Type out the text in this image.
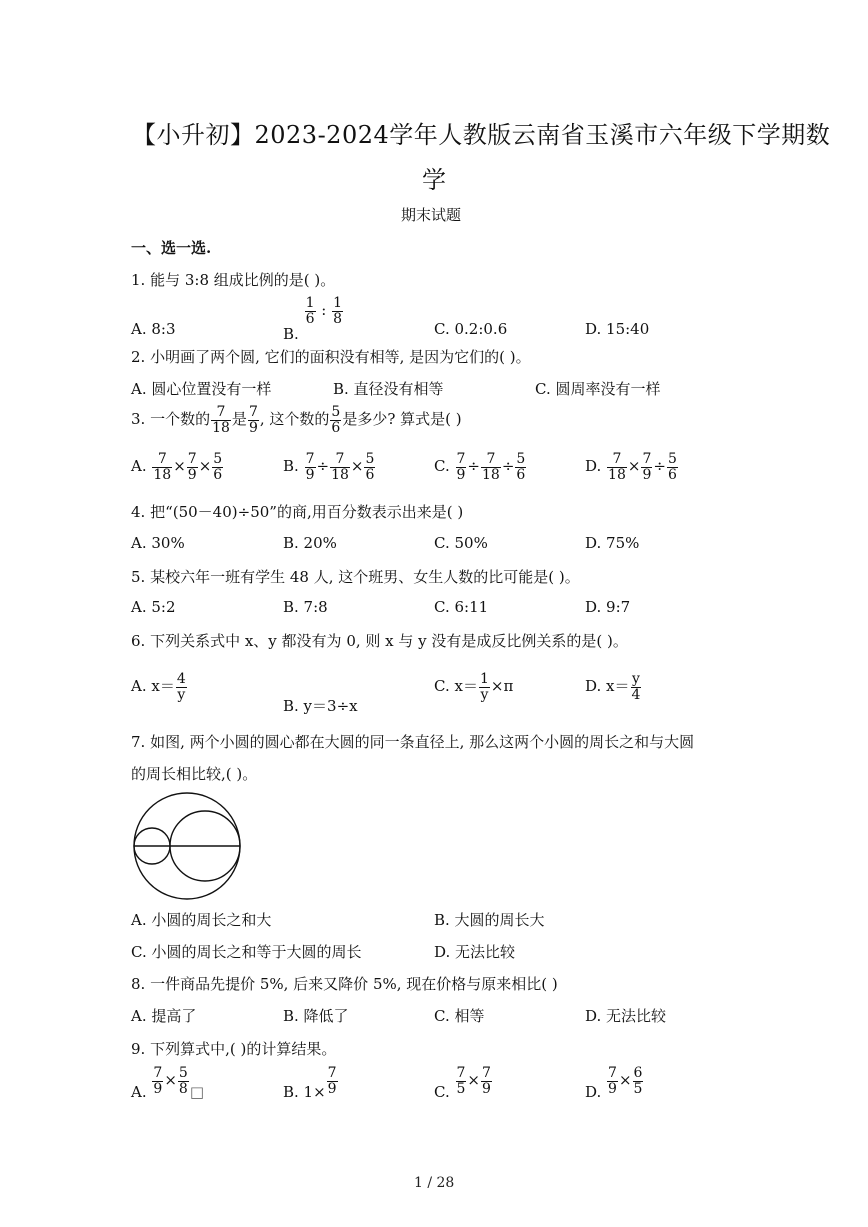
【小升初】2023-2024学年人教版云南省玉溪市六年级下学期数
学
期末试题
一、选一选.
1. 能与 3:8 组成比例的是( )。
A. 8:3	B.
$\frac{1}{6}$ : $\frac{1}{8}$
C. 0.2:0.6	D. 15:40
2. 小明画了两个圆, 它们的面积没有相等, 是因为它们的( )。
A. 圆心位置没有一样	B. 直径没有相等	C. 圆周率没有一样
3. 一个数的 $\frac{7}{18}$ 是 $\frac{7}{9}$ , 这个数的 $\frac{5}{6}$ 是多少? 算式是( )
A. $\frac{7}{18} \times \frac{7}{9} \times \frac{5}{6}$	B. $\frac{7}{9} \div \frac{7}{18} \times \frac{5}{6}$	C. $\frac{7}{9} \div \frac{7}{18} \div \frac{5}{6}$	D. $\frac{7}{18} \times \frac{7}{9} \div \frac{5}{6}$
4. 把“(50－40)÷50”的商,用百分数表示出来是( )
A. 30%	B. 20%	C. 50%	D. 75%
5. 某校六年一班有学生 48 人, 这个班男、女生人数的比可能是( )。
A. 5:2	B. 7:8	C. 6:11	D. 9:7
6. 下列关系式中 x、y 都没有为 0, 则 x 与 y 没有是成反比例关系的是( )。
A. $x= \frac{4}{y}$
B. y＝3÷x
C. $x= \frac{1}{y} \times\pi$	D. $x= \frac{y}{4}$
7. 如图, 两个小圆的圆心都在大圆的同一条直径上, 那么这两个小圆的周长之和与大圆
的周长相比较,( )。
A. 小圆的周长之和大	B. 大圆的周长大
C. 小圆的周长之和等于大圆的周长	D. 无法比较
8. 一件商品先提价 5%, 后来又降价 5%, 现在价格与原来相比( )
A. 提高了	B. 降低了	C. 相等	D. 无法比较
9. 下列算式中,( )的计算结果。
A. $\frac{7}{9} \times \frac{5}{8}$ □	B. $1\times \frac{7}{9}$	C. $\frac{7}{5} \times \frac{7}{9}$	D. $\frac{7}{9} \times \frac{6}{5}$
1 / 28
